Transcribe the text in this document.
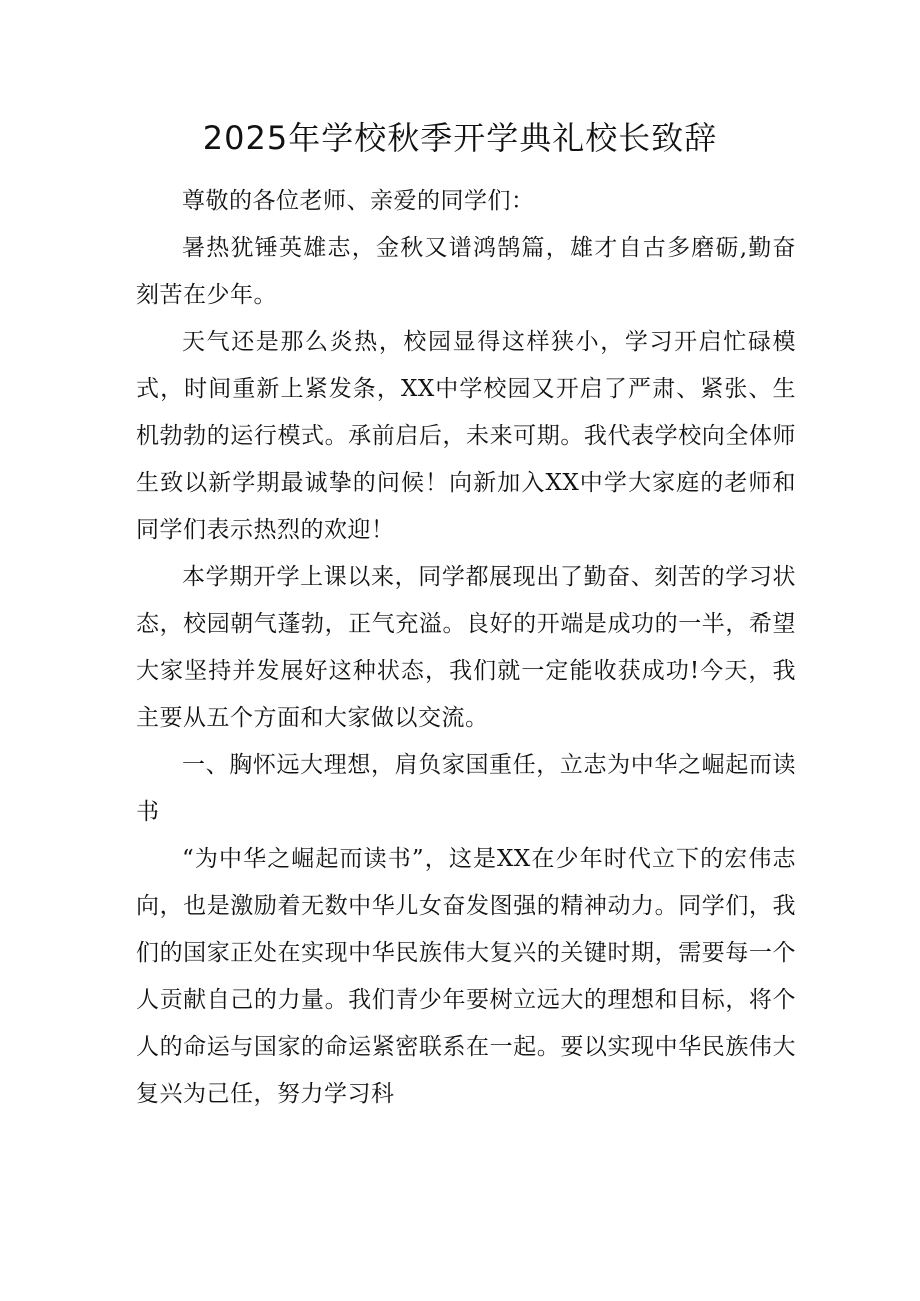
2025年学校秋季开学典礼校长致辞

尊敬的各位老师、亲爱的同学们：

暑热犹锤英雄志，金秋又谱鸿鹄篇，雄才自古多磨砺,勤奋刻苦在少年。

天气还是那么炎热，校园显得这样狭小，学习开启忙碌模式，时间重新上紧发条，XX中学校园又开启了严肃、紧张、生机勃勃的运行模式。承前启后，未来可期。我代表学校向全体师生致以新学期最诚挚的问候！向新加入XX中学大家庭的老师和同学们表示热烈的欢迎！

本学期开学上课以来，同学都展现出了勤奋、刻苦的学习状态，校园朝气蓬勃，正气充溢。良好的开端是成功的一半，希望大家坚持并发展好这种状态，我们就一定能收获成功!今天，我主要从五个方面和大家做以交流。

一、胸怀远大理想，肩负家国重任，立志为中华之崛起而读书

“为中华之崛起而读书”，这是XX在少年时代立下的宏伟志向，也是激励着无数中华儿女奋发图强的精神动力。同学们，我们的国家正处在实现中华民族伟大复兴的关键时期，需要每一个人贡献自己的力量。我们青少年要树立远大的理想和目标，将个人的命运与国家的命运紧密联系在一起。要以实现中华民族伟大复兴为己任，努力学习科
